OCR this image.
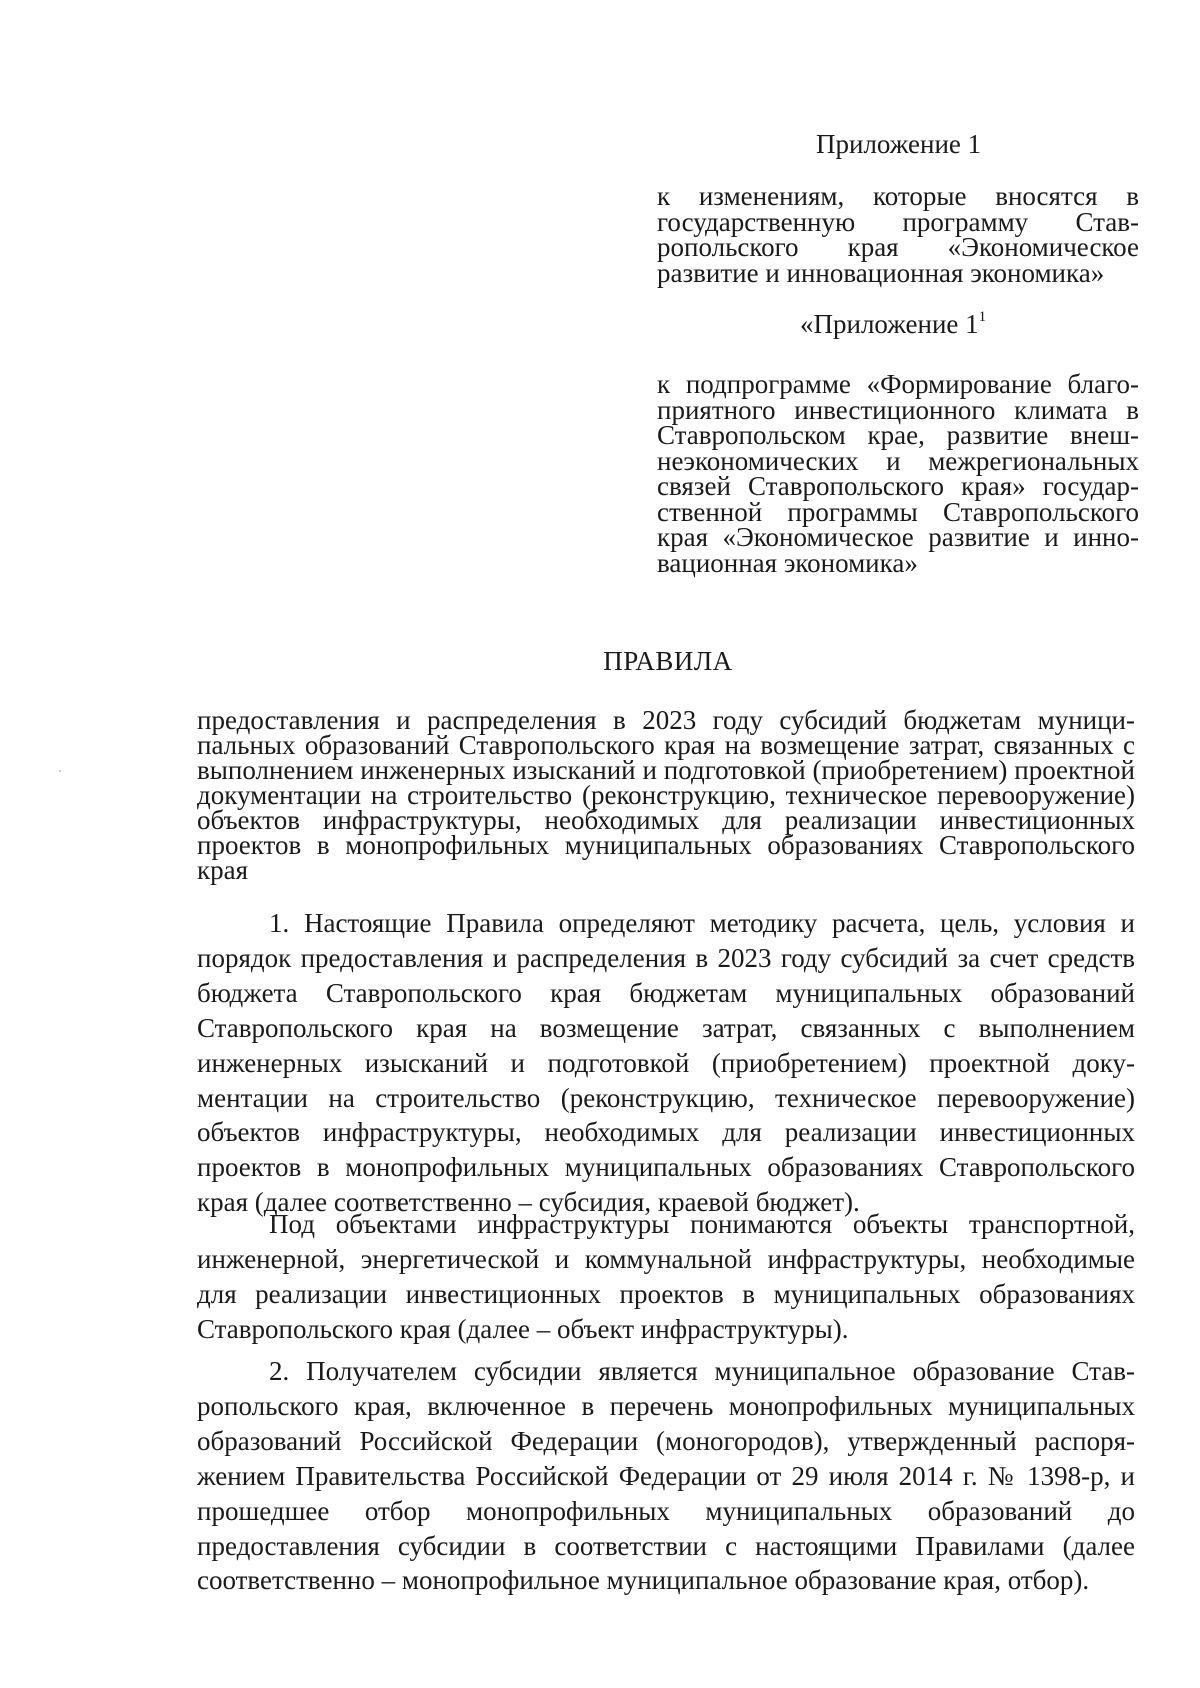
Приложение 1
к изменениям, которые вносятся в государственную программу Ставропольского края «Экономическое развитие и инновационная экономика»
«Приложение $1^1$
к подпрограмме «Формирование благоприятного инвестиционного климата в Ставропольском крае, развитие внешнеэкономических и межрегиональных связей Ставропольского края» государственной программы Ставропольского края «Экономическое развитие и инновационная экономика»
ПРАВИЛА
предоставления и распределения в 2023 году субсидий бюджетам муниципальных образований Ставропольского края на возмещение затрат, связанных с выполнением инженерных изысканий и подготовкой (приобретением) проектной документации на строительство (реконструкцию, техническое перевооружение) объектов инфраструктуры, необходимых для реализации инвестиционных проектов в монопрофильных муниципальных образованиях Ставропольского края
1. Настоящие Правила определяют методику расчета, цель, условия и порядок предоставления и распределения в 2023 году субсидий за счет средств бюджета Ставропольского края бюджетам муниципальных образований Ставропольского края на возмещение затрат, связанных с выполнением инженерных изысканий и подготовкой (приобретением) проектной документации на строительство (реконструкцию, техническое перевооружение) объектов инфраструктуры, необходимых для реализации инвестиционных проектов в монопрофильных муниципальных образованиях Ставропольского края (далее соответственно – субсидия, краевой бюджет).
Под объектами инфраструктуры понимаются объекты транспортной, инженерной, энергетической и коммунальной инфраструктуры, необходимые для реализации инвестиционных проектов в муниципальных образованиях Ставропольского края (далее – объект инфраструктуры).
2. Получателем субсидии является муниципальное образование Ставропольского края, включенное в перечень монопрофильных муниципальных образований Российской Федерации (моногородов), утвержденный распоряжением Правительства Российской Федерации от 29 июля 2014 г. № 1398-р, и прошедшее отбор монопрофильных муниципальных образований до предоставления субсидии в соответствии с настоящими Правилами (далее соответственно – монопрофильное муниципальное образование края, отбор).
